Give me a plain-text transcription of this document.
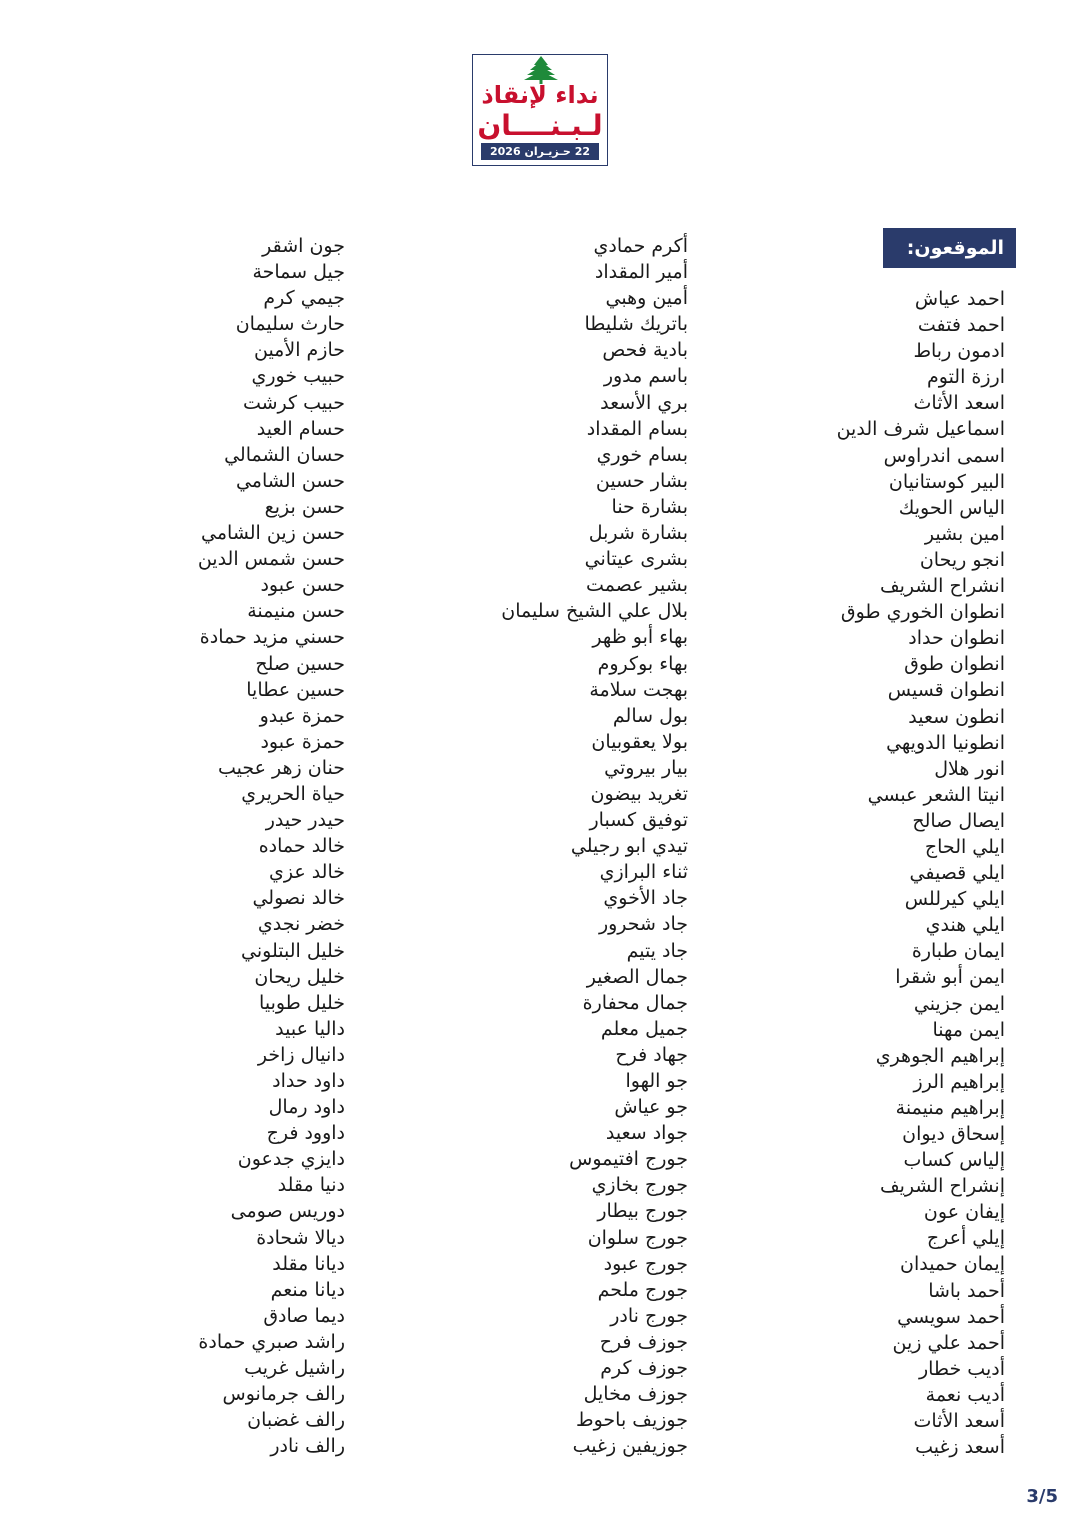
نداء لإنقاذ
لـبـنــــان
22 حـزيـران 2026
الموقعون:
احمد عياش
احمد فتفت
ادمون رباط
ارزة التوم
اسعد الأثاث
اسماعيل شرف الدين
اسمى اندراوس
البير كوستانيان
الياس الحويك
امين بشير
انجو ريحان
انشراح الشريف
انطوان الخوري طوق
انطوان حداد
انطوان طوق
انطوان قسيس
انطون سعيد
انطونيا الدويهي
انور هلال
انيتا الشعر عبسي
ايصال صالح
ايلي الحاج
ايلي قصيفي
ايلي كيرللس
ايلي هندي
ايمان طبارة
ايمن أبو شقرا
ايمن جزيني
ايمن مهنا
إبراهيم الجوهري
إبراهيم الرز
إبراهيم منيمنة
إسحاق ديوان
إلياس كساب
إنشراح الشريف
إيفان عون
إيلي أعرج
إيمان حميدان
أحمد باشا
أحمد سويسي
أحمد علي زين
أديب خطار
أديب نعمة
أسعد الأثات
أسعد زغيب
أكرم حمادي
أمير المقداد
أمين وهبي
باتريك شليطا
بادية فحص
باسم مدور
بري الأسعد
بسام المقداد
بسام خوري
بشار حسين
بشارة حنا
بشارة شربل
بشرى عيتاني
بشير عصمت
بلال علي الشيخ سليمان
بهاء أبو ظهر
بهاء بوكروم
بهجت سلامة
بول سالم
بولا يعقوبيان
بيار بيروتي
تغريد بيضون
توفيق كسبار
تيدي ابو رجيلي
ثناء البرازي
جاد الأخوي
جاد شحرور
جاد يتيم
جمال الصغير
جمال محفارة
جميل معلم
جهاد فرح
جو الهوا
جو عياش
جواد سعيد
جورج افتيموس
جورج بخازي
جورج بيطار
جورج سلوان
جورج عبود
جورج ملحم
جورج نادر
جوزف فرح
جوزف كرم
جوزف مخايل
جوزيف باحوط
جوزيفين زغيب
جون اشقر
جيل سماحة
جيمي كرم
حارث سليمان
حازم الأمين
حبيب خوري
حبيب كرشت
حسام العيد
حسان الشمالي
حسن الشامي
حسن بزيع
حسن زين الشامي
حسن شمس الدين
حسن عبود
حسن منيمنة
حسني مزيد حمادة
حسين صلح
حسين عطايا
حمزة عبدو
حمزة عبود
حنان زهر عجيب
حياة الحريري
حيدر حيدر
خالد حماده
خالد عزي
خالد نصولي
خضر نجدي
خليل البتلوني
خليل ريحان
خليل طوبيا
داليا عبيد
دانيال زاخر
داود حداد
داود رمال
داوود فرج
دايزي جدعون
دنيا مقلد
دوريس صومى
ديالا شحادة
ديانا مقلد
ديانا منعم
ديما صادق
راشد صبري حمادة
راشيل غريب
رالف جرمانوس
رالف غضبان
رالف نادر
3/5
